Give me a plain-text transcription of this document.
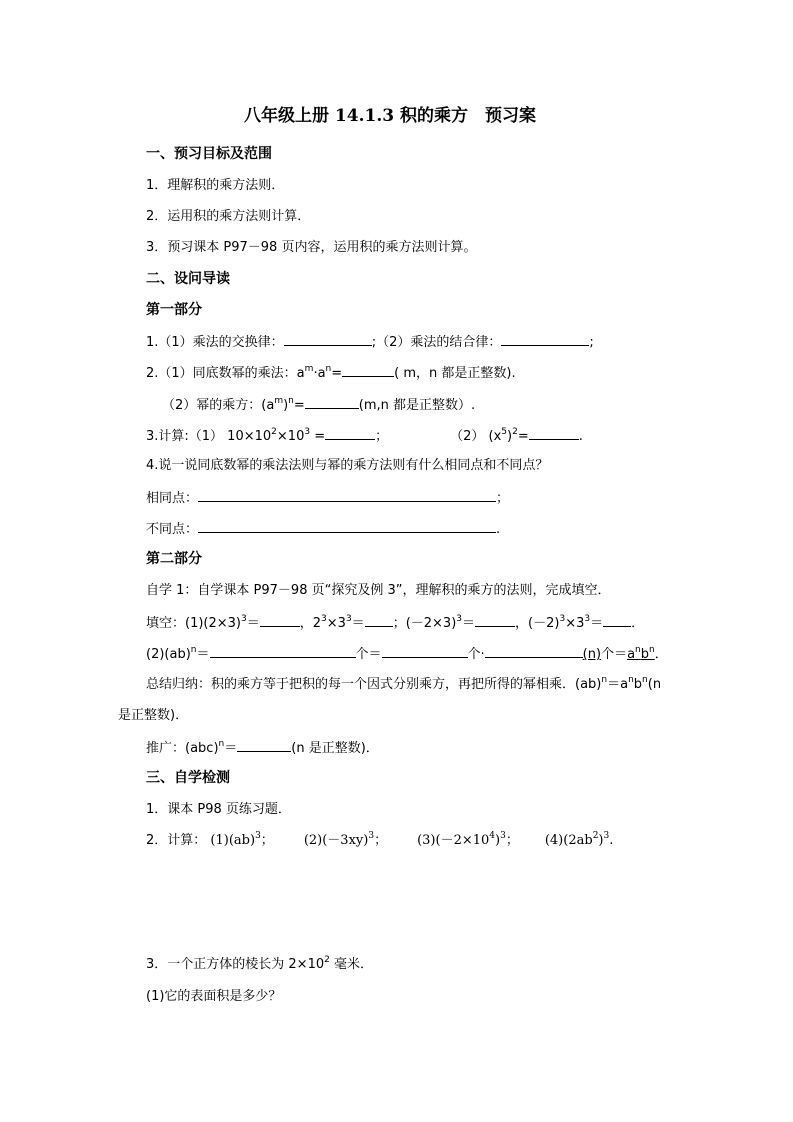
八年级上册 14.1.3 积的乘方　预习案
一、预习目标及范围
1．理解积的乘方法则．
2．运用积的乘方法则计算．
3．预习课本 P97－98 页内容，运用积的乘方法则计算。
二、设问导读
第一部分
1.（1）乘法的交换律：	;（2）乘法的结合律：	;
2.（1）同底数幂的乘法：$a^m\cdot a^n=$	( m，n 都是正整数).
（2）幂的乘方：$(a^m)^n=$	(m,n 都是正整数）.
3.计算:（1） $10\times 10^2\times 10^3$ =	；	（2） $(x^5)^2=$	.
4.说一说同底数幂的乘法法则与幂的乘方法则有什么相同点和不同点？
相同点：	；
不同点：	.
第二部分
自学 1：自学课本 P97－98 页“探究及例 3”，理解积的乘方的法则，完成填空．
填空：$(1)(2\times 3)^3=$	，$2^3\times 3^3=$ ；$(-2\times 3)^3=$	，$(-2)^3\times 3^3=$ ．
(2)(ab)$^n$＝	个＝	个·	(n)个$=a^nb^n$．
总结归纳：积的乘方等于把积的每一个因式分别乘方，再把所得的幂相乘．$(ab)^n=a^nb^n(n$
是正整数)．
推广：(abc)$^n$＝	(n 是正整数)．
三、自学检测
1．课本 P98 页练习题．
2．计算： (1)(ab)$^3$； $(2)(-3xy)^3$； $(3)(-2\times 10^4)^3$； $(4)(2ab^2)^3$.
3．一个正方体的棱长为 $2\times 10^2$ 毫米．
(1)它的表面积是多少？
